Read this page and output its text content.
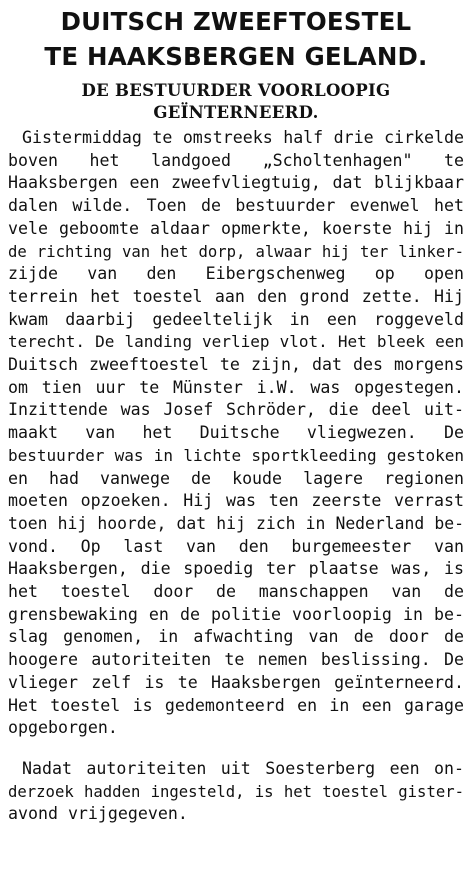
DUITSCH ZWEEFTOESTEL

TE HAAKSBERGEN GELAND.

DE BESTUURDER VOORLOOPIG

GEÏNTERNEERD.

Gistermiddag te omstreeks half drie cirkelde

boven het landgoed „Scholtenhagen" te

Haaksbergen een zweefvliegtuig, dat blijkbaar

dalen wilde. Toen de bestuurder evenwel het

vele geboomte aldaar opmerkte, koerste hij in

de richting van het dorp, alwaar hij ter linker-

zijde van den Eibergschenweg op open

terrein het toestel aan den grond zette. Hij

kwam daarbij gedeeltelijk in een roggeveld

terecht. De landing verliep vlot. Het bleek een

Duitsch zweeftoestel te zijn, dat des morgens

om tien uur te Münster i.W. was opgestegen.

Inzittende was Josef Schröder, die deel uit-

maakt van het Duitsche vliegwezen. De

bestuurder was in lichte sportkleeding gestoken

en had vanwege de koude lagere regionen

moeten opzoeken. Hij was ten zeerste verrast

toen hij hoorde, dat hij zich in Nederland be-

vond. Op last van den burgemeester van

Haaksbergen, die spoedig ter plaatse was, is

het toestel door de manschappen van de

grensbewaking en de politie voorloopig in be-

slag genomen, in afwachting van de door de

hoogere autoriteiten te nemen beslissing. De

vlieger zelf is te Haaksbergen geïnterneerd.

Het toestel is gedemonteerd en in een garage

opgeborgen.

Nadat autoriteiten uit Soesterberg een on-

derzoek hadden ingesteld, is het toestel gister-

avond vrijgegeven.
